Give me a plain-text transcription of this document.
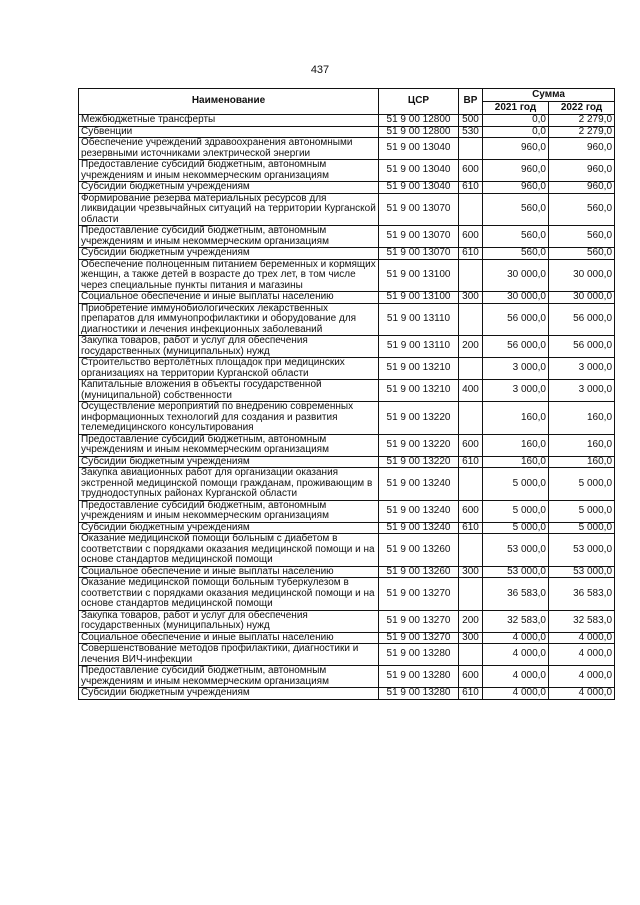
437
Наименование	ЦСР	ВР	Сумма	
			2021 год	2022 год
Межбюджетные трансферты	51 9 00 12800	500	0,0	2 279,0
Субвенции	51 9 00 12800	530	0,0	2 279,0
Обеспечение учреждений здравоохранения автономными резервными источниками электрической энергии	51 9 00 13040		960,0	960,0
Предоставление субсидий бюджетным, автономным учреждениям и иным некоммерческим организациям	51 9 00 13040	600	960,0	960,0
Субсидии бюджетным учреждениям	51 9 00 13040	610	960,0	960,0
Формирование резерва материальных ресурсов для ликвидации чрезвычайных ситуаций на территории Курганской области	51 9 00 13070		560,0	560,0
Предоставление субсидий бюджетным, автономным учреждениям и иным некоммерческим организациям	51 9 00 13070	600	560,0	560,0
Субсидии бюджетным учреждениям	51 9 00 13070	610	560,0	560,0
Обеспечение полноценным питанием беременных и кормящих женщин, а также детей в возрасте до трех лет, в том числе через специальные пункты питания и магазины	51 9 00 13100		30 000,0	30 000,0
Социальное обеспечение и иные выплаты населению	51 9 00 13100	300	30 000,0	30 000,0
Приобретение иммунобиологических лекарственных препаратов для иммунопрофилактики и оборудование для диагностики и лечения инфекционных заболеваний	51 9 00 13110		56 000,0	56 000,0
Закупка товаров, работ и услуг для обеспечения государственных (муниципальных) нужд	51 9 00 13110	200	56 000,0	56 000,0
Строительство вертолётных площадок при медицинских организациях на территории Курганской области	51 9 00 13210		3 000,0	3 000,0
Капитальные вложения в объекты государственной (муниципальной) собственности	51 9 00 13210	400	3 000,0	3 000,0
Осуществление мероприятий по внедрению современных информационных технологий для создания и развития телемедицинского консультирования	51 9 00 13220		160,0	160,0
Предоставление субсидий бюджетным, автономным учреждениям и иным некоммерческим организациям	51 9 00 13220	600	160,0	160,0
Субсидии бюджетным учреждениям	51 9 00 13220	610	160,0	160,0
Закупка авиационных работ для организации оказания экстренной медицинской помощи гражданам, проживающим в труднодоступных районах Курганской области	51 9 00 13240		5 000,0	5 000,0
Предоставление субсидий бюджетным, автономным учреждениям и иным некоммерческим организациям	51 9 00 13240	600	5 000,0	5 000,0
Субсидии бюджетным учреждениям	51 9 00 13240	610	5 000,0	5 000,0
Оказание медицинской помощи больным с диабетом в соответствии с порядками оказания медицинской помощи и на основе стандартов медицинской помощи	51 9 00 13260		53 000,0	53 000,0
Социальное обеспечение и иные выплаты населению	51 9 00 13260	300	53 000,0	53 000,0
Оказание медицинской помощи больным туберкулезом в соответствии с порядками оказания медицинской помощи и на основе стандартов медицинской помощи	51 9 00 13270		36 583,0	36 583,0
Закупка товаров, работ и услуг для обеспечения государственных (муниципальных) нужд	51 9 00 13270	200	32 583,0	32 583,0
Социальное обеспечение и иные выплаты населению	51 9 00 13270	300	4 000,0	4 000,0
Совершенствование методов профилактики, диагностики и лечения ВИЧ-инфекции	51 9 00 13280		4 000,0	4 000,0
Предоставление субсидий бюджетным, автономным учреждениям и иным некоммерческим организациям	51 9 00 13280	600	4 000,0	4 000,0
Субсидии бюджетным учреждениям	51 9 00 13280	610	4 000,0	4 000,0
